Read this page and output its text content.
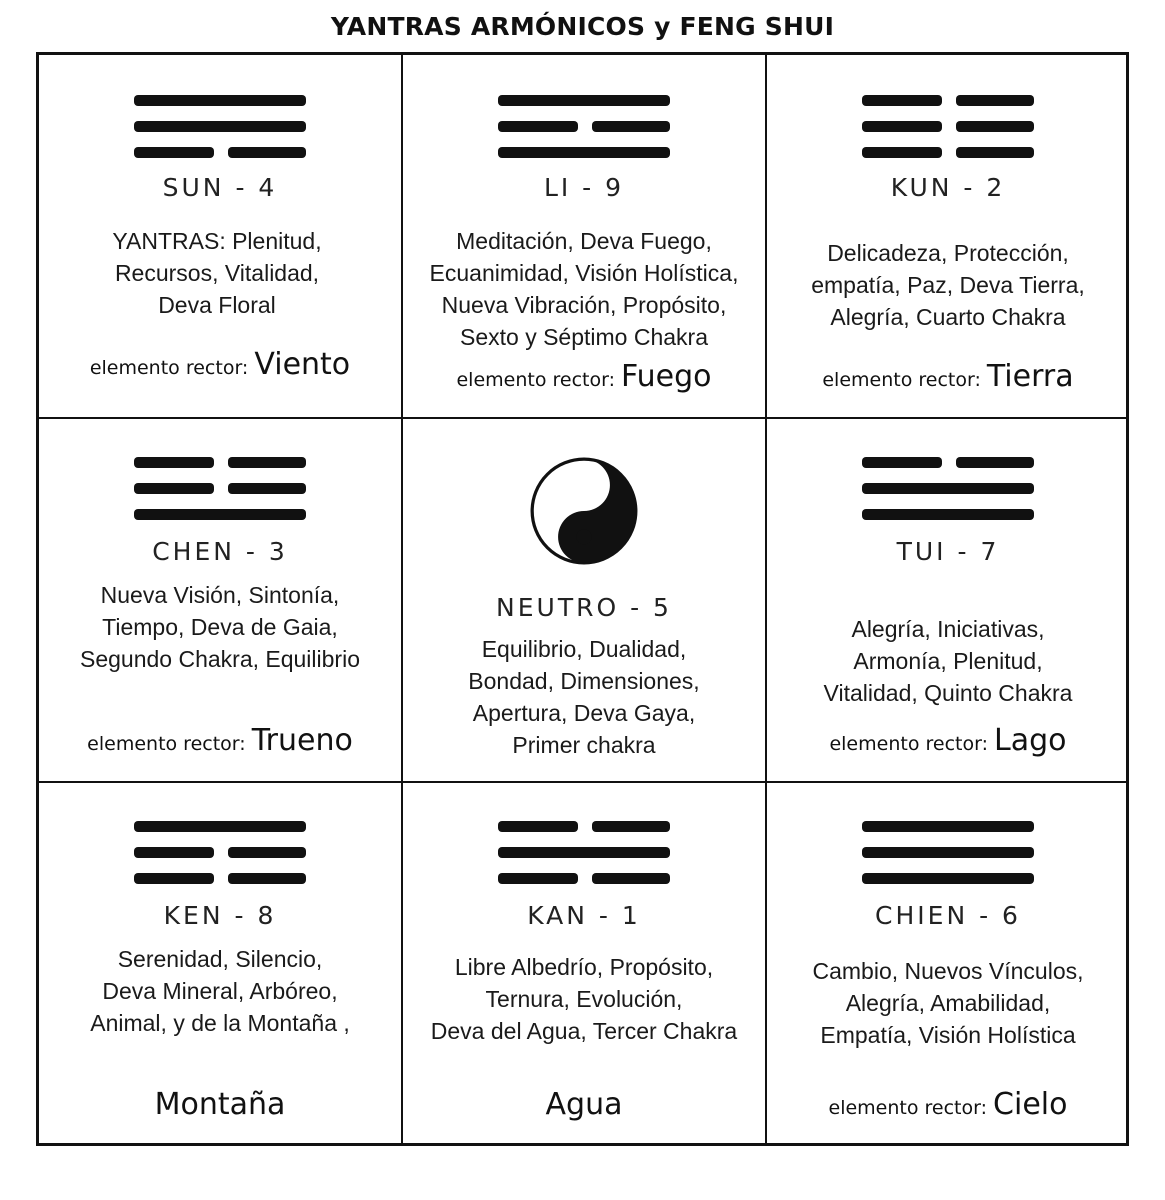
YANTRAS ARMÓNICOS y FENG SHUI
SUN - 4
YANTRAS: Plenitud,
Recursos, Vitalidad,
Deva Floral
elemento rector: Viento
LI - 9
Meditación, Deva Fuego,
Ecuanimidad, Visión Holística,
Nueva Vibración, Propósito,
Sexto y Séptimo Chakra
elemento rector: Fuego
KUN - 2
Delicadeza, Protección,
empatía, Paz, Deva Tierra,
Alegría, Cuarto Chakra
elemento rector: Tierra
CHEN - 3
Nueva Visión, Sintonía,
Tiempo, Deva de Gaia,
Segundo Chakra, Equilibrio
elemento rector: Trueno
NEUTRO - 5
Equilibrio, Dualidad,
Bondad, Dimensiones,
Apertura, Deva Gaya,
Primer chakra
TUI - 7
Alegría, Iniciativas,
Armonía, Plenitud,
Vitalidad, Quinto Chakra
elemento rector: Lago
KEN - 8
Serenidad, Silencio,
Deva Mineral, Arbóreo,
Animal, y de la Montaña ,
Montaña
KAN - 1
Libre Albedrío, Propósito,
Ternura, Evolución,
Deva del Agua, Tercer Chakra
Agua
CHIEN - 6
Cambio, Nuevos Vínculos,
Alegría, Amabilidad,
Empatía, Visión Holística
elemento rector: Cielo
